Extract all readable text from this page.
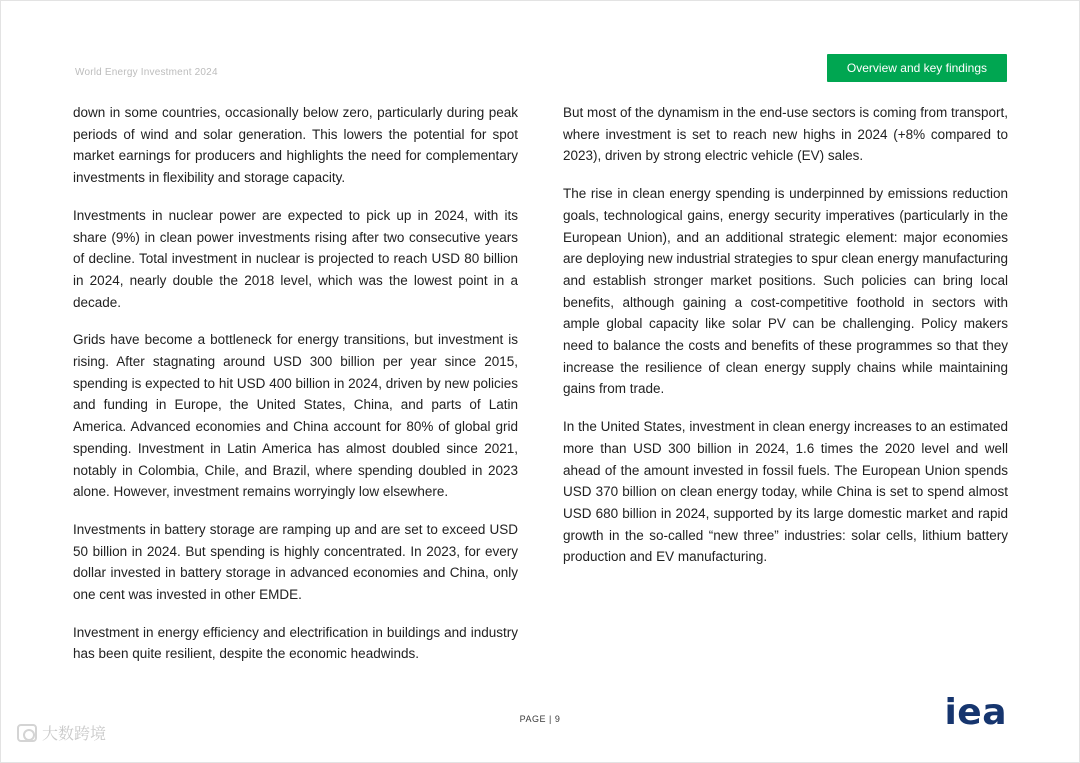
World Energy Investment 2024	Overview and key findings

down in some countries, occasionally below zero, particularly during peak periods of wind and solar generation. This lowers the potential for spot market earnings for producers and highlights the need for complementary investments in flexibility and storage capacity.

Investments in nuclear power are expected to pick up in 2024, with its share (9%) in clean power investments rising after two consecutive years of decline. Total investment in nuclear is projected to reach USD 80 billion in 2024, nearly double the 2018 level, which was the lowest point in a decade.

Grids have become a bottleneck for energy transitions, but investment is rising. After stagnating around USD 300 billion per year since 2015, spending is expected to hit USD 400 billion in 2024, driven by new policies and funding in Europe, the United States, China, and parts of Latin America. Advanced economies and China account for 80% of global grid spending. Investment in Latin America has almost doubled since 2021, notably in Colombia, Chile, and Brazil, where spending doubled in 2023 alone. However, investment remains worryingly low elsewhere.

Investments in battery storage are ramping up and are set to exceed USD 50 billion in 2024. But spending is highly concentrated. In 2023, for every dollar invested in battery storage in advanced economies and China, only one cent was invested in other EMDE.

Investment in energy efficiency and electrification in buildings and industry has been quite resilient, despite the economic headwinds.

But most of the dynamism in the end-use sectors is coming from transport, where investment is set to reach new highs in 2024 (+8% compared to 2023), driven by strong electric vehicle (EV) sales.

The rise in clean energy spending is underpinned by emissions reduction goals, technological gains, energy security imperatives (particularly in the European Union), and an additional strategic element: major economies are deploying new industrial strategies to spur clean energy manufacturing and establish stronger market positions. Such policies can bring local benefits, although gaining a cost-competitive foothold in sectors with ample global capacity like solar PV can be challenging. Policy makers need to balance the costs and benefits of these programmes so that they increase the resilience of clean energy supply chains while maintaining gains from trade.

In the United States, investment in clean energy increases to an estimated more than USD 300 billion in 2024, 1.6 times the 2020 level and well ahead of the amount invested in fossil fuels. The European Union spends USD 370 billion on clean energy today, while China is set to spend almost USD 680 billion in 2024, supported by its large domestic market and rapid growth in the so-called “new three” industries: solar cells, lithium battery production and EV manufacturing.

PAGE | 9	iea
大数跨境
